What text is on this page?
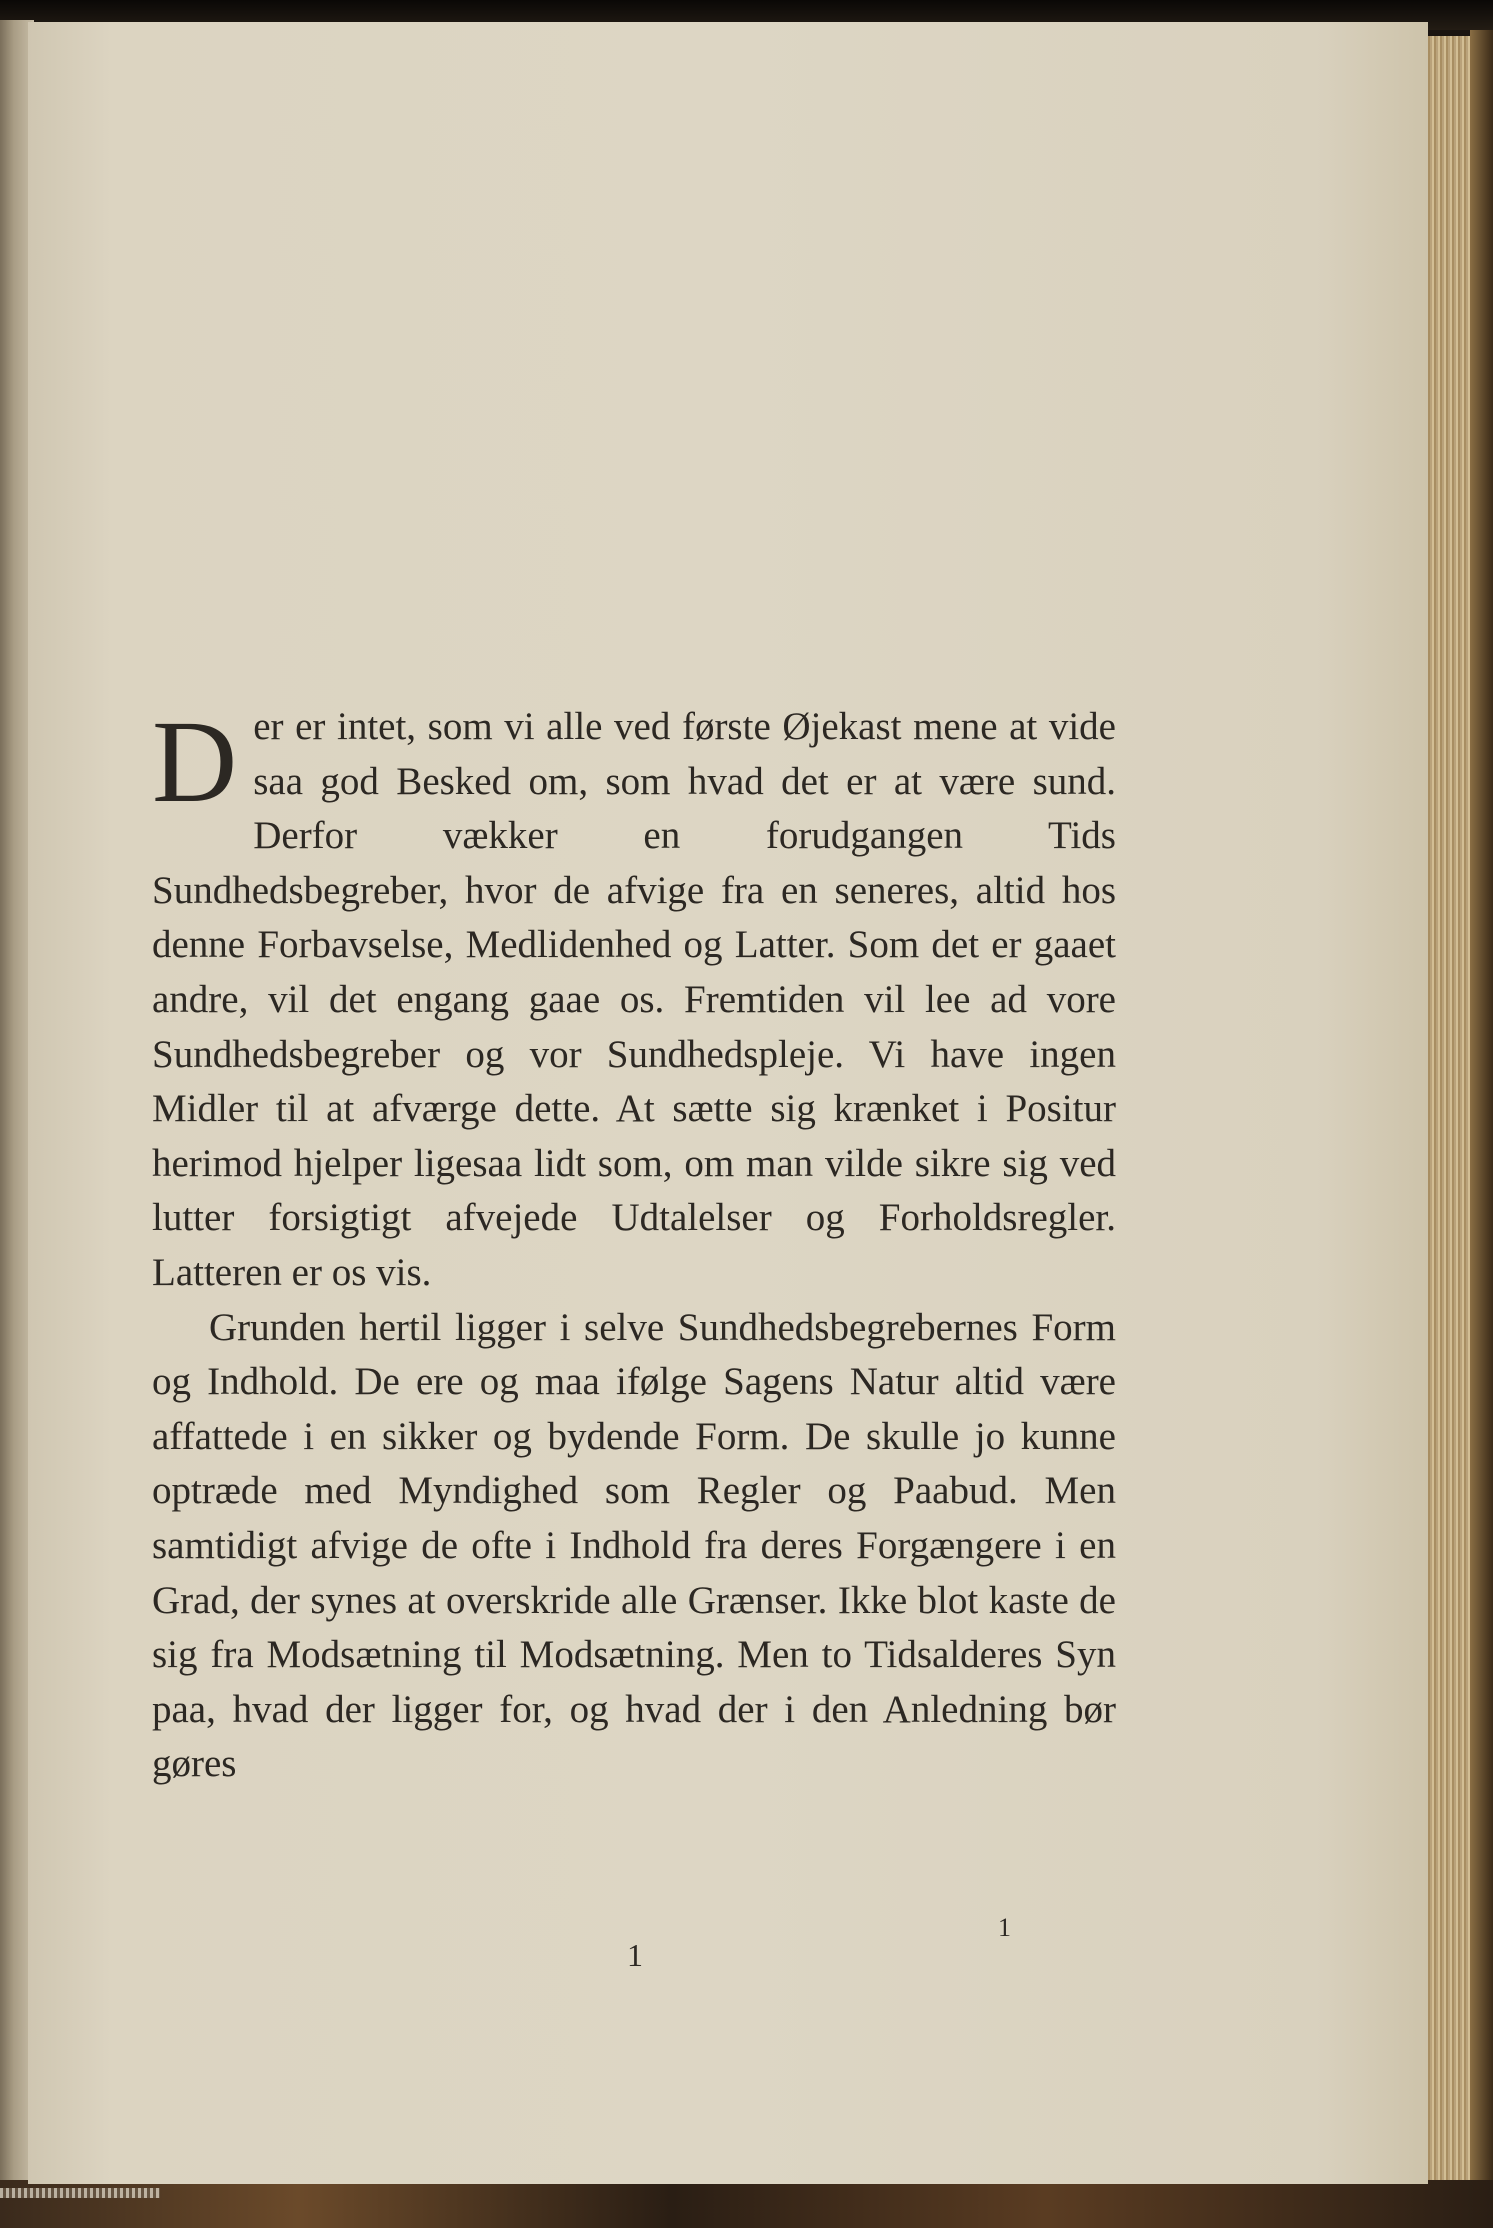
Der er intet, som vi alle ved første Øjekast mene at vide saa god Besked om, som hvad det er at være sund. Derfor vækker en forudgangen Tids Sundhedsbegreber, hvor de afvige fra en seneres, altid hos denne Forbavselse, Medlidenhed og Latter. Som det er gaaet andre, vil det engang gaae os. Fremtiden vil lee ad vore Sundhedsbegreber og vor Sundhedspleje. Vi have ingen Midler til at afværge dette. At sætte sig krænket i Positur herimod hjelper ligesaa lidt som, om man vilde sikre sig ved lutter forsigtigt afvejede Udtalelser og Forholdsregler. Latteren er os vis.

Grunden hertil ligger i selve Sundhedsbegrebernes Form og Indhold. De ere og maa ifølge Sagens Natur altid være affattede i en sikker og bydende Form. De skulle jo kunne optræde med Myndighed som Regler og Paabud. Men samtidigt afvige de ofte i Indhold fra deres Forgængere i en Grad, der synes at overskride alle Grænser. Ikke blot kaste de sig fra Modsætning til Modsætning. Men to Tidsalderes Syn paa, hvad der ligger for, og hvad der i den Anledning bør gøres

1
1
